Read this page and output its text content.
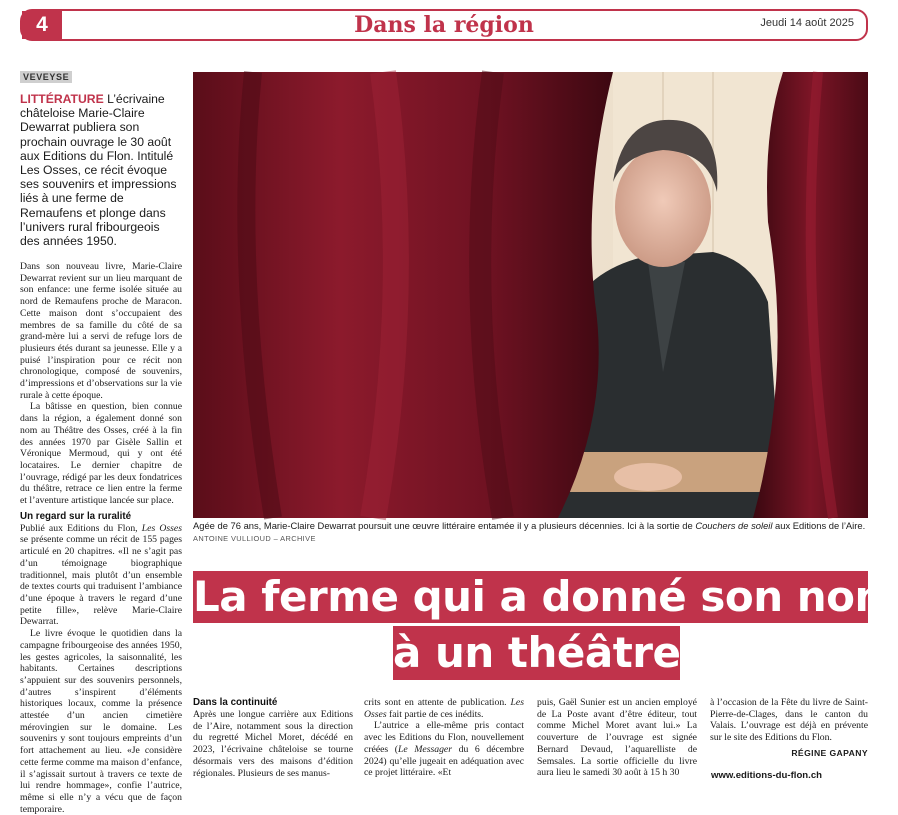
4	Dans la région	Jeudi 14 août 2025
VEVEYSE
LITTÉRATURE L’écrivaine châteloise Marie-Claire Dewarrat publiera son prochain ouvrage le 30 août aux Editions du Flon. Intitulé Les Osses, ce récit évoque ses souvenirs et impressions liés à une ferme de Remaufens et plonge dans l’univers rural fribourgeois des années 1950.

Dans son nouveau livre, Marie-Claire Dewarrat revient sur un lieu marquant de son enfance: une ferme isolée située au nord de Remaufens proche de Maracon. Cette maison dont s’occupaient des membres de sa famille du côté de sa grand-mère lui a servi de refuge lors de plusieurs étés durant sa jeunesse. Elle y a puisé l’inspiration pour ce récit non chronologique, composé de souvenirs, d’impressions et d’observations sur la vie rurale à cette époque.

La bâtisse en question, bien connue dans la région, a également donné son nom au Théâtre des Osses, créé à la fin des années 1970 par Gisèle Sallin et Véronique Mermoud, qui y ont été locataires. Le dernier chapitre de l’ouvrage, rédigé par les deux fondatrices du théâtre, retrace ce lien entre la ferme et l’aventure artistique lancée sur place.

Un regard sur la ruralité

Publié aux Editions du Flon, Les Osses se présente comme un récit de 155 pages articulé en 20 chapitres. «Il ne s’agit pas d’un témoignage biographique traditionnel, mais plutôt d’un ensemble de textes courts qui traduisent l’ambiance d’une époque à travers le regard d’une petite fille», relève Marie-Claire Dewarrat.

Le livre évoque le quotidien dans la campagne fribourgeoise des années 1950, les gestes agricoles, la saisonnalité, les habitants. Certaines descriptions s’appuient sur des souvenirs personnels, d’autres s’inspirent d’éléments historiques locaux, comme la présence attestée d’un ancien cimetière mérovingien sur le domaine. Les souvenirs y sont toujours empreints d’un fort attachement au lieu. «Je considère cette ferme comme ma maison d’enfance, il s’agissait surtout à travers ce texte de lui rendre hommage», confie l’autrice, même si elle n’y a vécu que de façon temporaire.

Agée de 76 ans, Marie-Claire Dewarrat poursuit une œuvre littéraire entamée il y a plusieurs décennies. Ici à la sortie de Couchers de soleil aux Editions de l’Aire. ANTOINE VULLIOUD – ARCHIVE
La ferme qui a donné son nom
à un théâtre
Dans la continuité

Après une longue carrière aux Editions de l’Aire, notamment sous la direction du regretté Michel Moret, décédé en 2023, l’écrivaine châteloise se tourne désormais vers des maisons d’édition régionales. Plusieurs de ses manus-

crits sont en attente de publication. Les Osses fait partie de ces inédits.

L’autrice a elle-même pris contact avec les Editions du Flon, nouvellement créées (Le Messager du 6 décembre 2024) qu’elle jugeait en adéquation avec ce projet littéraire. «Et

puis, Gaël Sunier est un ancien employé de La Poste avant d’être éditeur, tout comme Michel Moret avant lui.» La couverture de l’ouvrage est signée Bernard Devaud, l’aquarelliste de Semsales. La sortie officielle du livre aura lieu le samedi 30 août à 15 h 30

à l’occasion de la Fête du livre de Saint-Pierre-de-Clages, dans le canton du Valais. L’ouvrage est déjà en prévente sur le site des Editions du Flon.

RÉGINE GAPANY
www.editions-du-flon.ch
